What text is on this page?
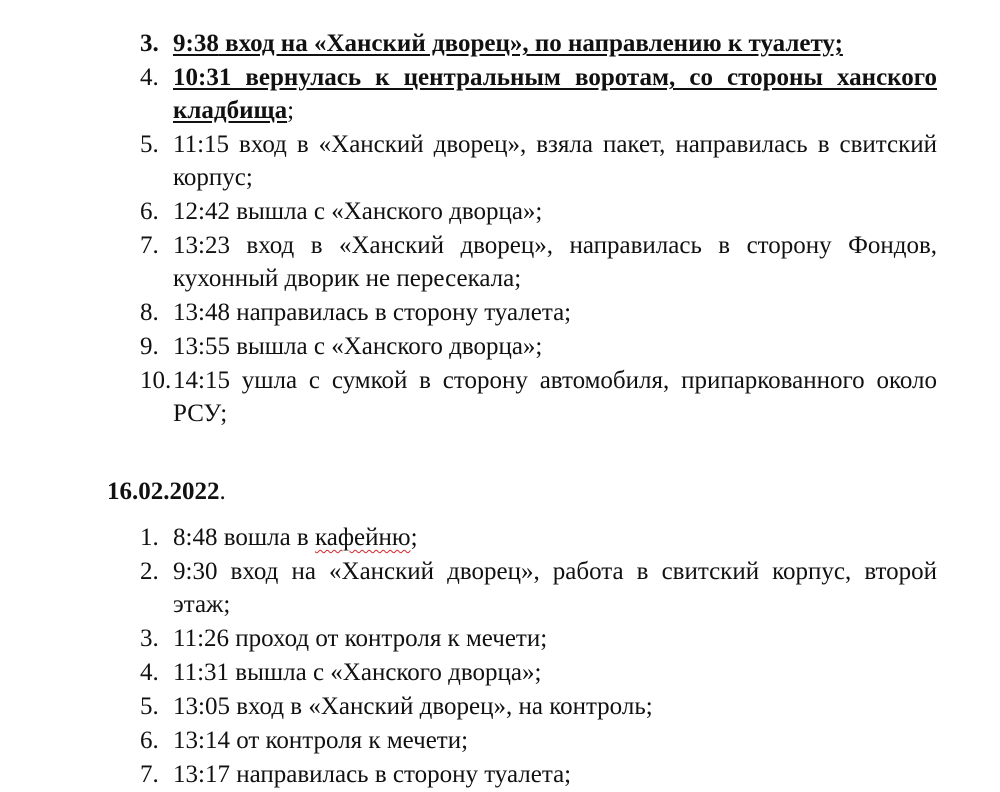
3. 9:38 вход на «Ханский дворец», по направлению к туалету;
4. 10:31 вернулась к центральным воротам, со стороны ханского кладбища;
5. 11:15 вход в «Ханский дворец», взяла пакет, направилась в свитский корпус;
6. 12:42 вышла с «Ханского дворца»;
7. 13:23 вход в «Ханский дворец», направилась в сторону Фондов, кухонный дворик не пересекала;
8. 13:48 направилась в сторону туалета;
9. 13:55 вышла с «Ханского дворца»;
10. 14:15 ушла с сумкой в сторону автомобиля, припаркованного около РСУ;
16.02.2022.
1. 8:48 вошла в кафейню;
2. 9:30 вход на «Ханский дворец», работа в свитский корпус, второй этаж;
3. 11:26 проход от контроля к мечети;
4. 11:31 вышла с «Ханского дворца»;
5. 13:05 вход в «Ханский дворец», на контроль;
6. 13:14 от контроля к мечети;
7. 13:17 направилась в сторону туалета;
